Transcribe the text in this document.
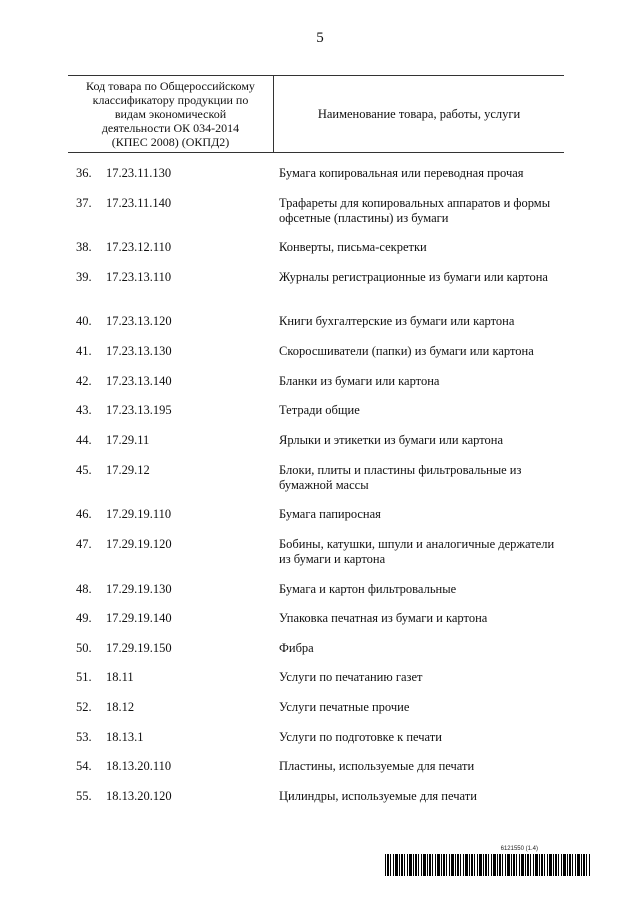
5
Код товара по Общероссийскому
классификатору продукции по
видам экономической
деятельности ОК 034-2014
(КПЕС 2008) (ОКПД2)
Наименование товара, работы, услуги
36.	17.23.11.130	Бумага копировальная или переводная прочая
37.	17.23.11.140	Трафареты для копировальных аппаратов и формы офсетные (пластины) из бумаги
38.	17.23.12.110	Конверты, письма-секретки
39.	17.23.13.110	Журналы регистрационные из бумаги или картона
40.	17.23.13.120	Книги бухгалтерские из бумаги или картона
41.	17.23.13.130	Скоросшиватели (папки) из бумаги или картона
42.	17.23.13.140	Бланки из бумаги или картона
43.	17.23.13.195	Тетради общие
44.	17.29.11	Ярлыки и этикетки из бумаги или картона
45.	17.29.12	Блоки, плиты и пластины фильтровальные из бумажной массы
46.	17.29.19.110	Бумага папиросная
47.	17.29.19.120	Бобины, катушки, шпули и аналогичные держатели из бумаги и картона
48.	17.29.19.130	Бумага и картон фильтровальные
49.	17.29.19.140	Упаковка печатная из бумаги и картона
50.	17.29.19.150	Фибра
51.	18.11	Услуги по печатанию газет
52.	18.12	Услуги печатные прочие
53.	18.13.1	Услуги по подготовке к печати
54.	18.13.20.110	Пластины, используемые для печати
55.	18.13.20.120	Цилиндры, используемые для печати
6121550 (1.4)
